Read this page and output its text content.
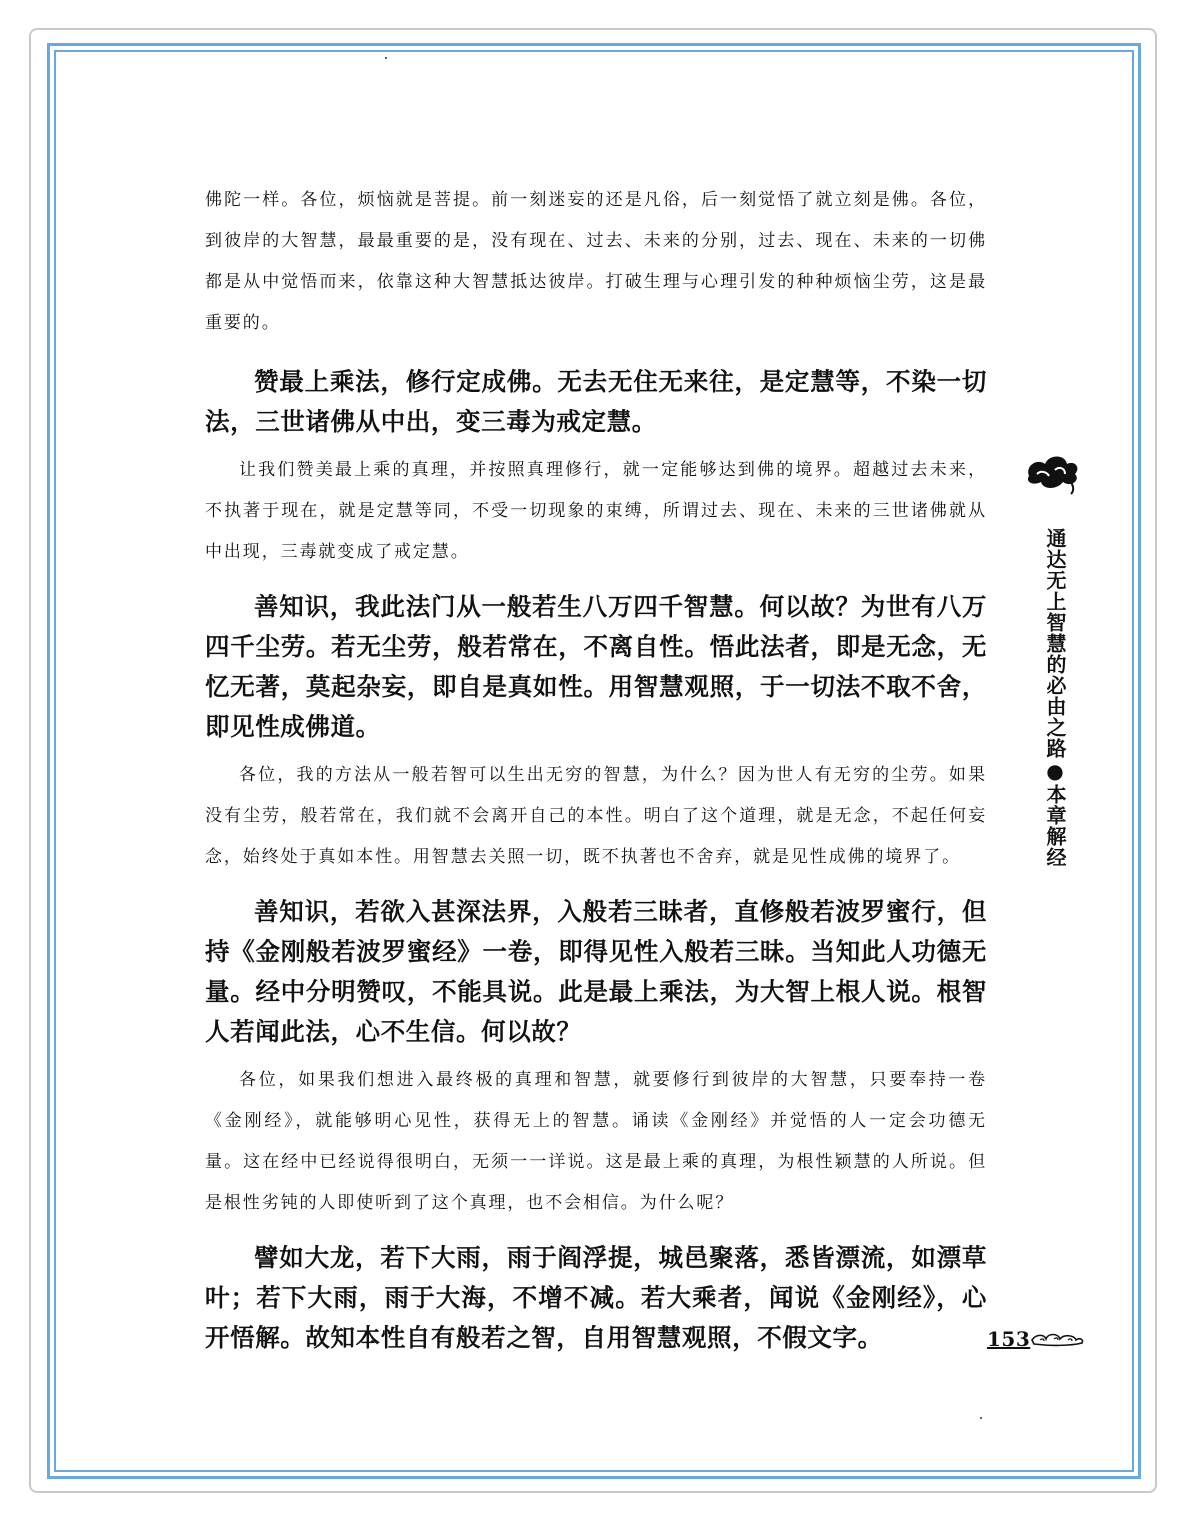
佛陀一样。各位，烦恼就是菩提。前一刻迷妄的还是凡俗，后一刻觉悟了就立刻是佛。各位，到彼岸的大智慧，最最重要的是，没有现在、过去、未来的分别，过去、现在、未来的一切佛都是从中觉悟而来，依靠这种大智慧抵达彼岸。打破生理与心理引发的种种烦恼尘劳，这是最重要的。

赞最上乘法，修行定成佛。无去无住无来往，是定慧等，不染一切法，三世诸佛从中出，变三毒为戒定慧。

让我们赞美最上乘的真理，并按照真理修行，就一定能够达到佛的境界。超越过去未来，不执著于现在，就是定慧等同，不受一切现象的束缚，所谓过去、现在、未来的三世诸佛就从中出现，三毒就变成了戒定慧。

善知识，我此法门从一般若生八万四千智慧。何以故？为世有八万四千尘劳。若无尘劳，般若常在，不离自性。悟此法者，即是无念，无忆无著，莫起杂妄，即自是真如性。用智慧观照，于一切法不取不舍，即见性成佛道。

各位，我的方法从一般若智可以生出无穷的智慧，为什么？因为世人有无穷的尘劳。如果没有尘劳，般若常在，我们就不会离开自己的本性。明白了这个道理，就是无念，不起任何妄念，始终处于真如本性。用智慧去关照一切，既不执著也不舍弃，就是见性成佛的境界了。

善知识，若欲入甚深法界，入般若三昧者，直修般若波罗蜜行，但持《金刚般若波罗蜜经》一卷，即得见性入般若三昧。当知此人功德无量。经中分明赞叹，不能具说。此是最上乘法，为大智上根人说。根智人若闻此法，心不生信。何以故？

各位，如果我们想进入最终极的真理和智慧，就要修行到彼岸的大智慧，只要奉持一卷《金刚经》，就能够明心见性，获得无上的智慧。诵读《金刚经》并觉悟的人一定会功德无量。这在经中已经说得很明白，无须一一详说。这是最上乘的真理，为根性颖慧的人所说。但是根性劣钝的人即使听到了这个真理，也不会相信。为什么呢？

譬如大龙，若下大雨，雨于阎浮提，城邑聚落，悉皆漂流，如漂草叶；若下大雨，雨于大海，不增不减。若大乘者，闻说《金刚经》，心开悟解。故知本性自有般若之智，自用智慧观照，不假文字。

通达无上智慧的必由之路●本章解经
153
